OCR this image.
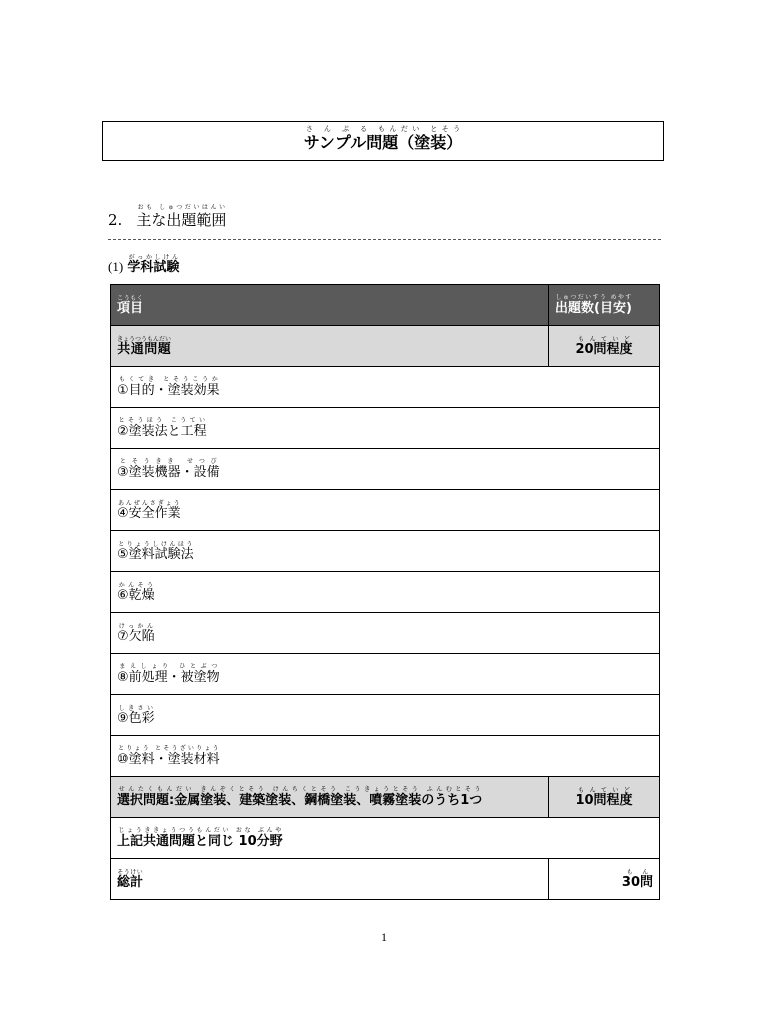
サンプル問題（塗装）さ ん ぷ る もんだい とそう
2. 主な出題範囲おも しゅつだいはんい
(1) 学科試験がっかしけん
項目こうもく	出題数(目安)しゅつだいすう めやす
共通問題きょうつうもんだい	20問程度もんていど
①目的・塗装効果もくてき とそうこうか	
②塗装法と工程とそうほう こうてい	
③塗装機器・設備とそうきき せつび	
④安全作業あんぜんさぎょう	
⑤塗料試験法とりょうしけんほう	
⑥乾燥かんそう	
⑦欠陥けっかん	
⑧前処理・被塗物まえしょり ひとぶつ	
⑨色彩しきさい	
⑩塗料・塗装材料とりょう とそうざいりょう	
選択問題:金属塗装、建築塗装、鋼橋塗装、噴霧塗装のうち1つせんたくもんだい きんぞくとそう けんちくとそう こうきょうとそう ふんむとそう	10問程度もんていど
上記共通問題と同じ 10分野じょうききょうつうもんだい おな ぶんや	
総計そうけい	30問もん
1
